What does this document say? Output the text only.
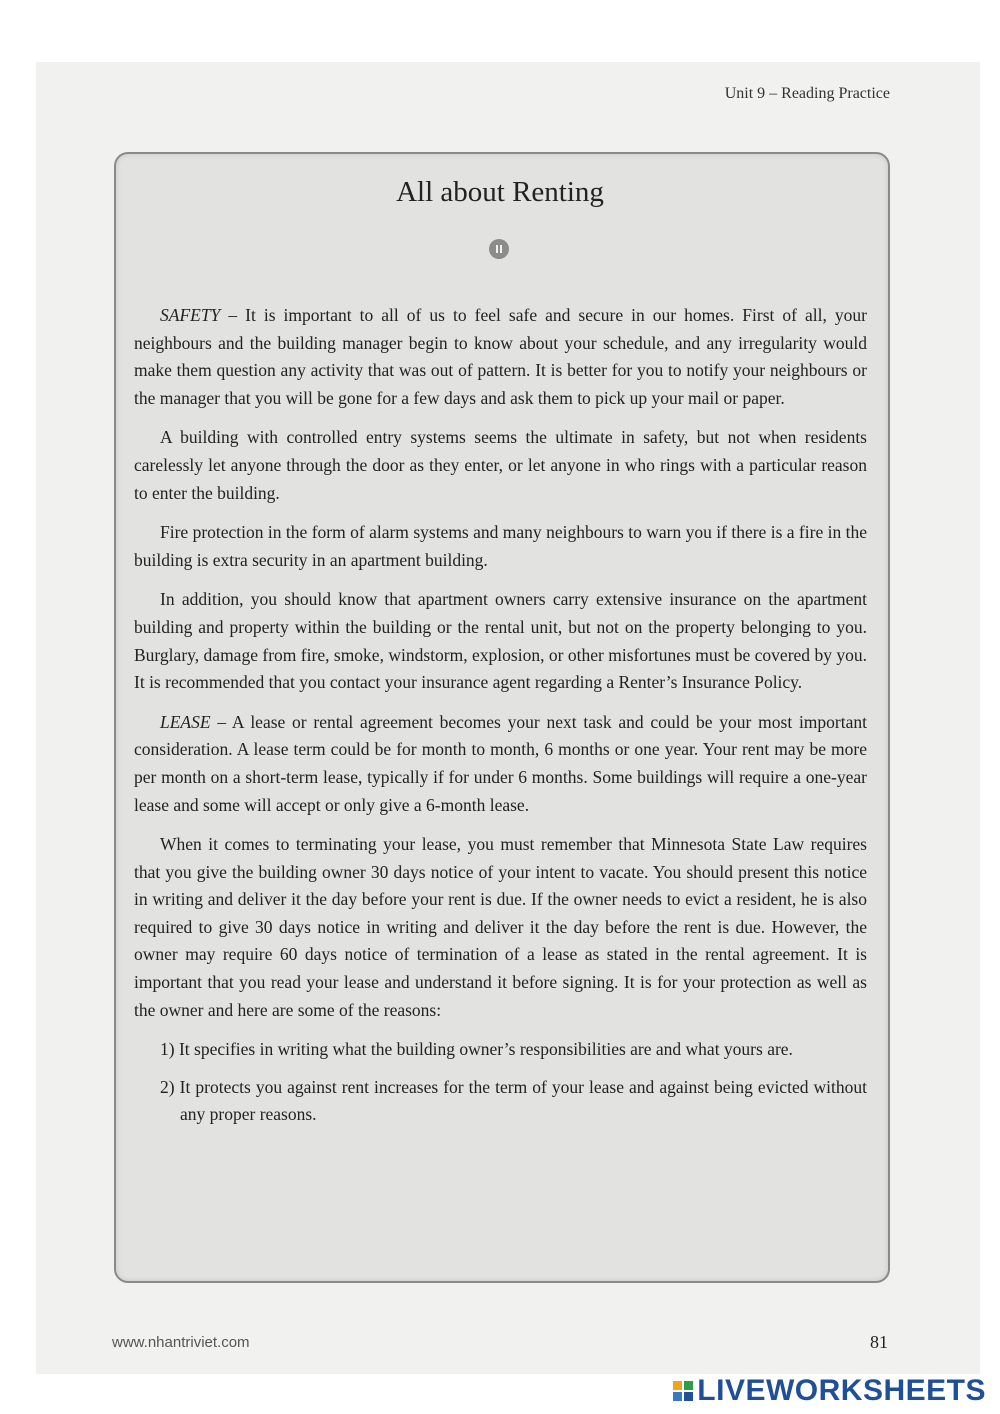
Unit 9 – Reading Practice
All about Renting

SAFETY – It is important to all of us to feel safe and secure in our homes. First of all, your neighbours and the building manager begin to know about your schedule, and any irregularity would make them question any activity that was out of pattern. It is better for you to notify your neighbours or the manager that you will be gone for a few days and ask them to pick up your mail or paper.

A building with controlled entry systems seems the ultimate in safety, but not when residents carelessly let anyone through the door as they enter, or let anyone in who rings with a particular reason to enter the building.

Fire protection in the form of alarm systems and many neighbours to warn you if there is a fire in the building is extra security in an apartment building.

In addition, you should know that apartment owners carry extensive insurance on the apartment building and property within the building or the rental unit, but not on the property belonging to you. Burglary, damage from fire, smoke, windstorm, explosion, or other misfortunes must be covered by you. It is recommended that you contact your insurance agent regarding a Renter’s Insurance Policy.

LEASE – A lease or rental agreement becomes your next task and could be your most important consideration. A lease term could be for month to month, 6 months or one year. Your rent may be more per month on a short-term lease, typically if for under 6 months. Some buildings will require a one-year lease and some will accept or only give a 6-month lease.

When it comes to terminating your lease, you must remember that Minnesota State Law requires that you give the building owner 30 days notice of your intent to vacate. You should present this notice in writing and deliver it the day before your rent is due. If the owner needs to evict a resident, he is also required to give 30 days notice in writing and deliver it the day before the rent is due. However, the owner may require 60 days notice of termination of a lease as stated in the rental agreement. It is important that you read your lease and understand it before signing. It is for your protection as well as the owner and here are some of the reasons:

1) It specifies in writing what the building owner’s responsibilities are and what yours are.

2) It protects you against rent increases for the term of your lease and against being evicted without any proper reasons.

www.nhantriviet.com	81
LIVEWORKSHEETS
